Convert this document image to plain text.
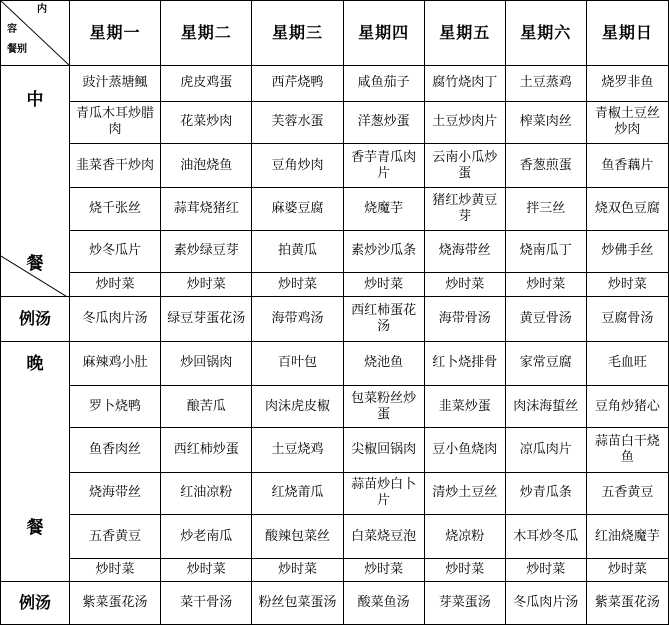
内
容
餐别	星期一	星期二	星期三	星期四	星期五	星期六	星期日

中
餐	豉汁蒸塘鲺	虎皮鸡蛋	西芹烧鸭	咸鱼茄子	腐竹烧肉丁	土豆蒸鸡	烧罗非鱼
	青瓜木耳炒腊肉	花菜炒肉	芙蓉水蛋	洋葱炒蛋	土豆炒肉片	榨菜肉丝	青椒土豆丝炒肉
	韭菜香干炒肉	油泡烧鱼	豆角炒肉	香芋青瓜肉片	云南小瓜炒蛋	香葱煎蛋	鱼香藕片
	烧千张丝	蒜茸烧猪红	麻婆豆腐	烧魔芋	猪红炒黄豆芽	拌三丝	烧双色豆腐
	炒冬瓜片	素炒绿豆芽	拍黄瓜	素炒沙瓜条	烧海带丝	烧南瓜丁	炒佛手丝
	炒时菜	炒时菜	炒时菜	炒时菜	炒时菜	炒时菜	炒时菜
例汤	冬瓜肉片汤	绿豆芽蛋花汤	海带鸡汤	西红柿蛋花汤	海带骨汤	黄豆骨汤	豆腐骨汤

晚
餐	麻辣鸡小肚	炒回锅肉	百叶包	烧池鱼	红卜烧排骨	家常豆腐	毛血旺
	罗卜烧鸭	酿苦瓜	肉沫虎皮椒	包菜粉丝炒蛋	韭菜炒蛋	肉沫海蜇丝	豆角炒猪心
	鱼香肉丝	西红柿炒蛋	土豆烧鸡	尖椒回锅肉	豆小鱼烧肉	凉瓜肉片	蒜苗白干烧鱼
	烧海带丝	红油凉粉	红烧莆瓜	蒜苗炒白卜片	清炒土豆丝	炒青瓜条	五香黄豆
	五香黄豆	炒老南瓜	酸辣包菜丝	白菜烧豆泡	烧凉粉	木耳炒冬瓜	红油烧魔芋
	炒时菜	炒时菜	炒时菜	炒时菜	炒时菜	炒时菜	炒时菜
例汤	紫菜蛋花汤	菜干骨汤	粉丝包菜蛋汤	酸菜鱼汤	芽菜蛋汤	冬瓜肉片汤	紫菜蛋花汤
